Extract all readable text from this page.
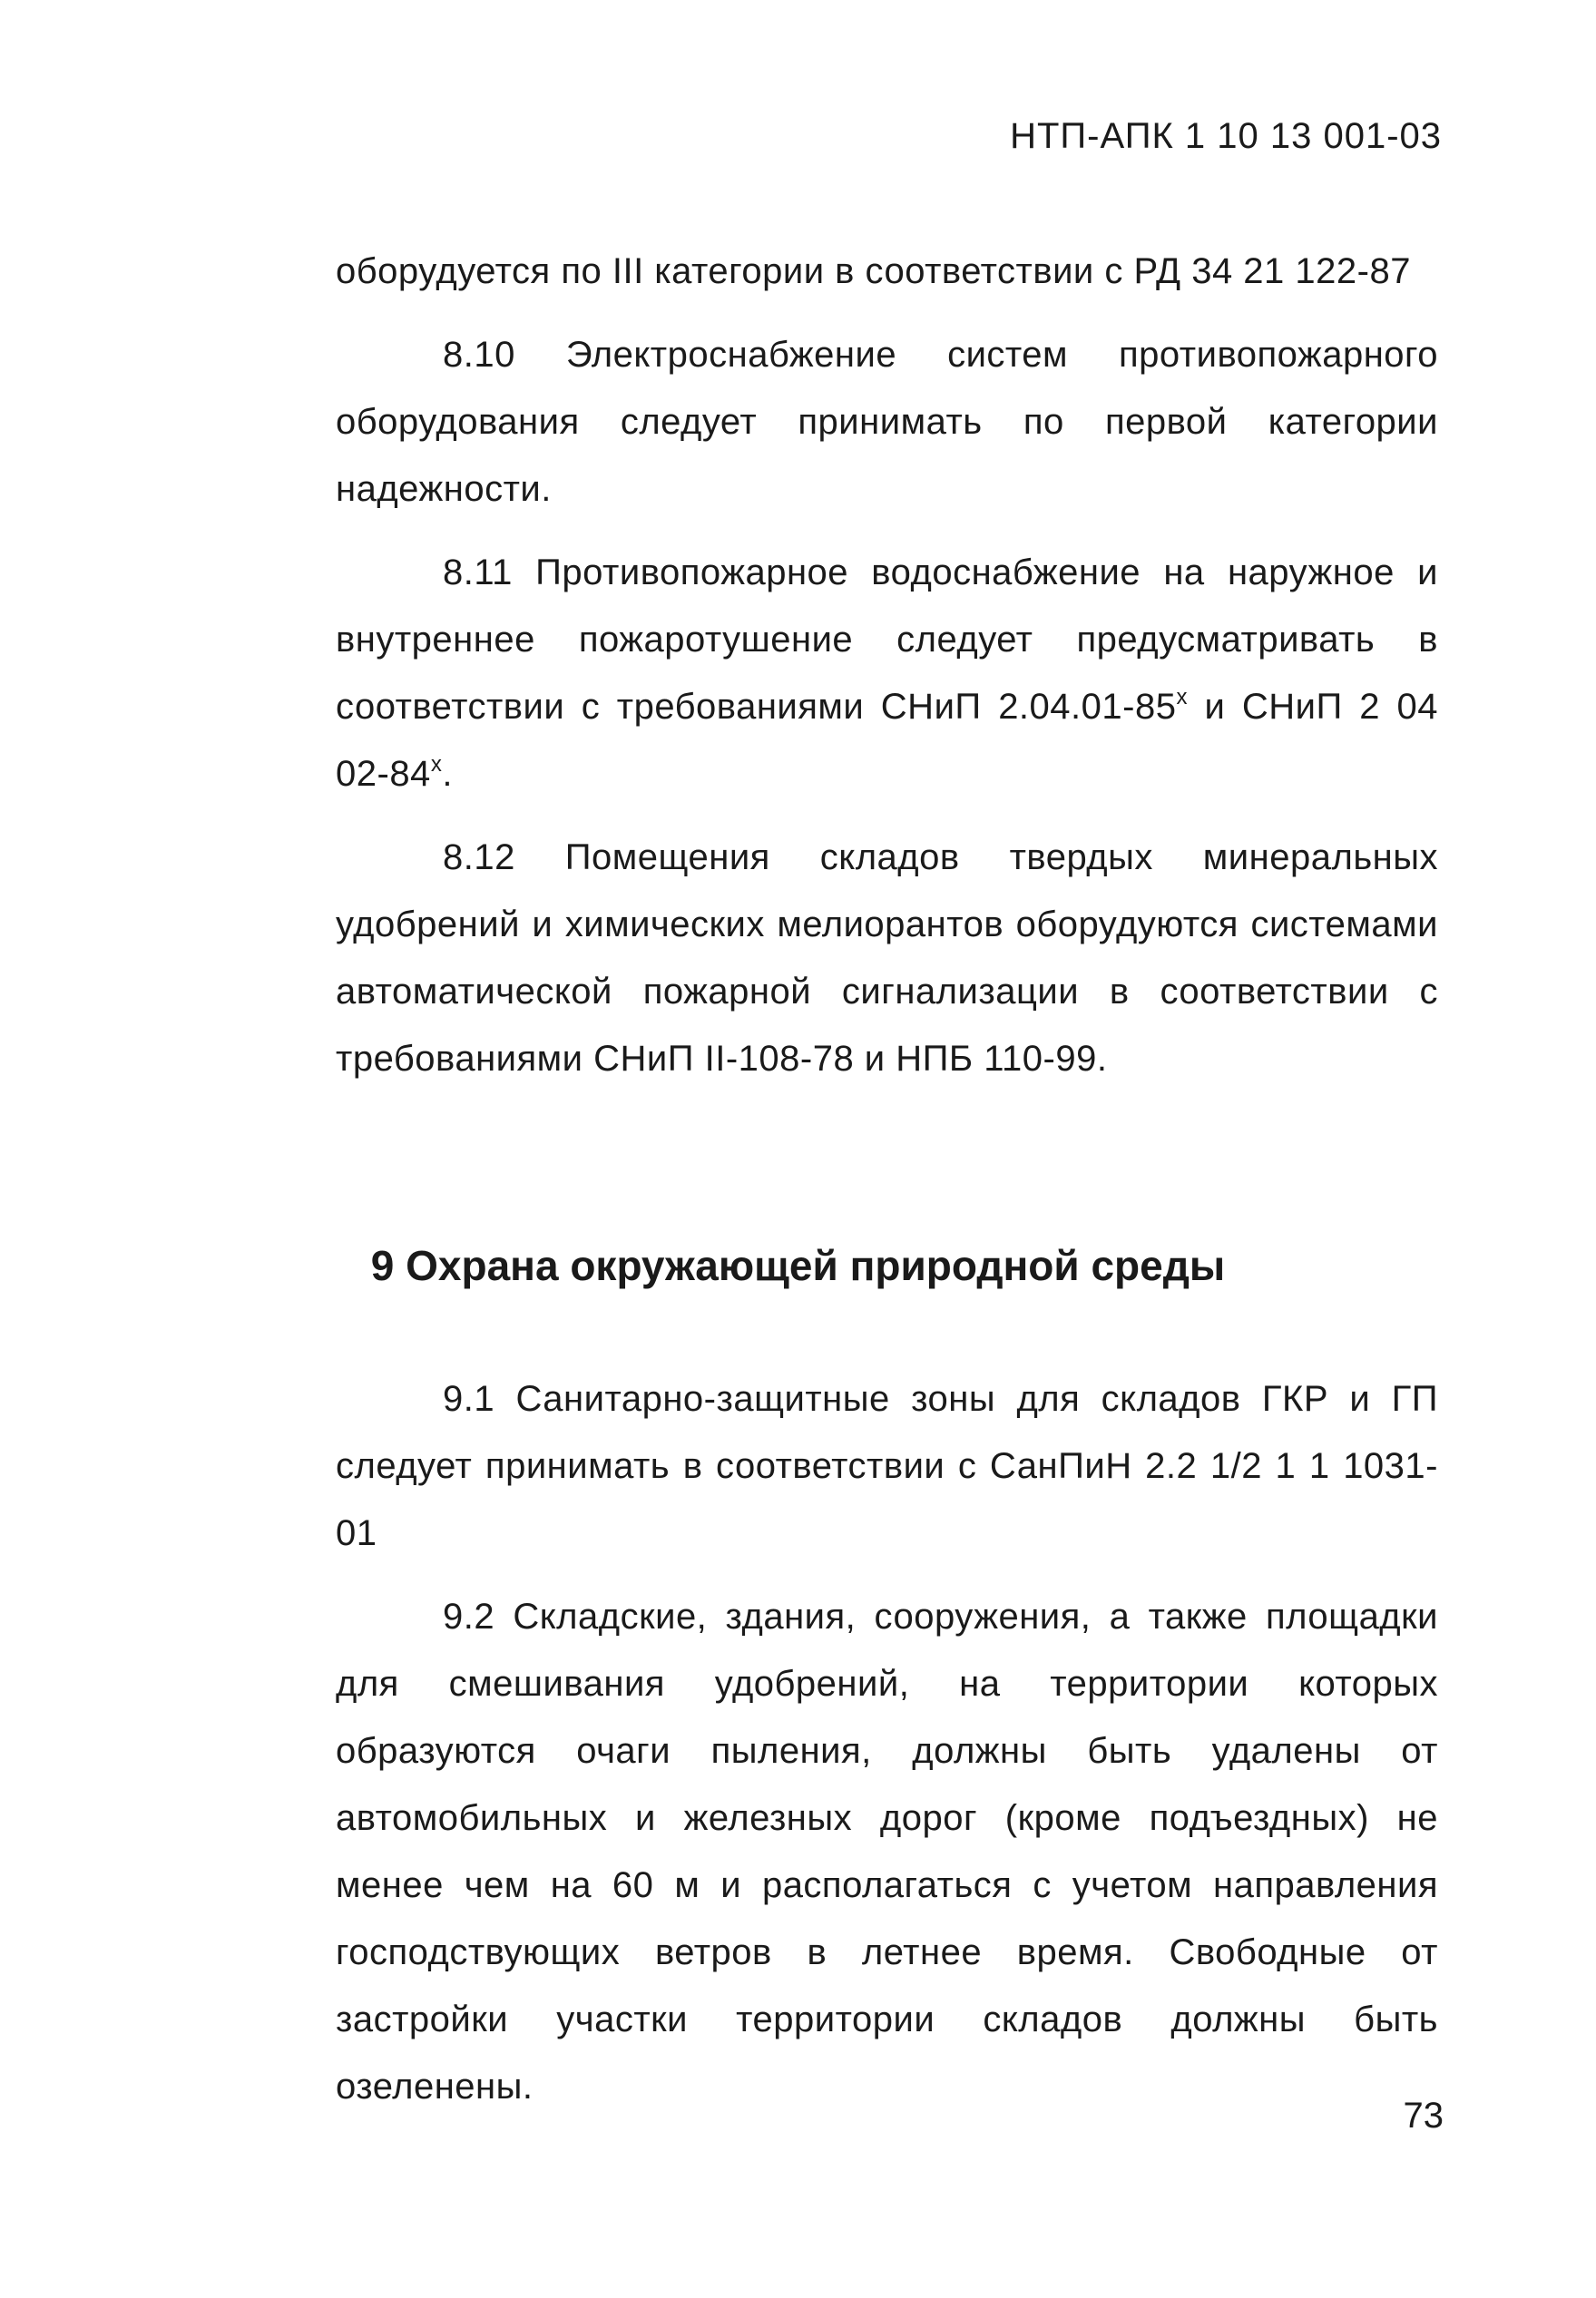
НТП-АПК 1 10 13 001-03

оборудуется по III категории в соответствии с РД 34 21 122-87

8.10 Электроснабжение систем противопожарного оборудования следует принимать по первой категории надежности.

8.11 Противопожарное водоснабжение на наружное и внутреннее пожаротушение следует предусматривать в соответствии с требованиями СНиП $2.04.01-85^х$ и СНиП 2 04 $02-84^х$.

8.12 Помещения складов твердых минеральных удобрений и химических мелиорантов оборудуются системами автоматической пожарной сигнализации в соответствии с требованиями СНиП II-108-78 и НПБ 110-99.

9 Охрана окружающей природной среды

9.1 Санитарно-защитные зоны для складов ГКР и ГП следует принимать в соответствии с СанПиН 2.2 1/2 1 1 1031-01

9.2 Складские, здания, сооружения, а также площадки для смешивания удобрений, на территории которых образуются очаги пыления, должны быть удалены от автомобильных и железных дорог (кроме подъездных) не менее чем на 60 м и располагаться с учетом направления господствующих ветров в летнее время. Свободные от застройки участки территории складов должны быть озеленены.

73
